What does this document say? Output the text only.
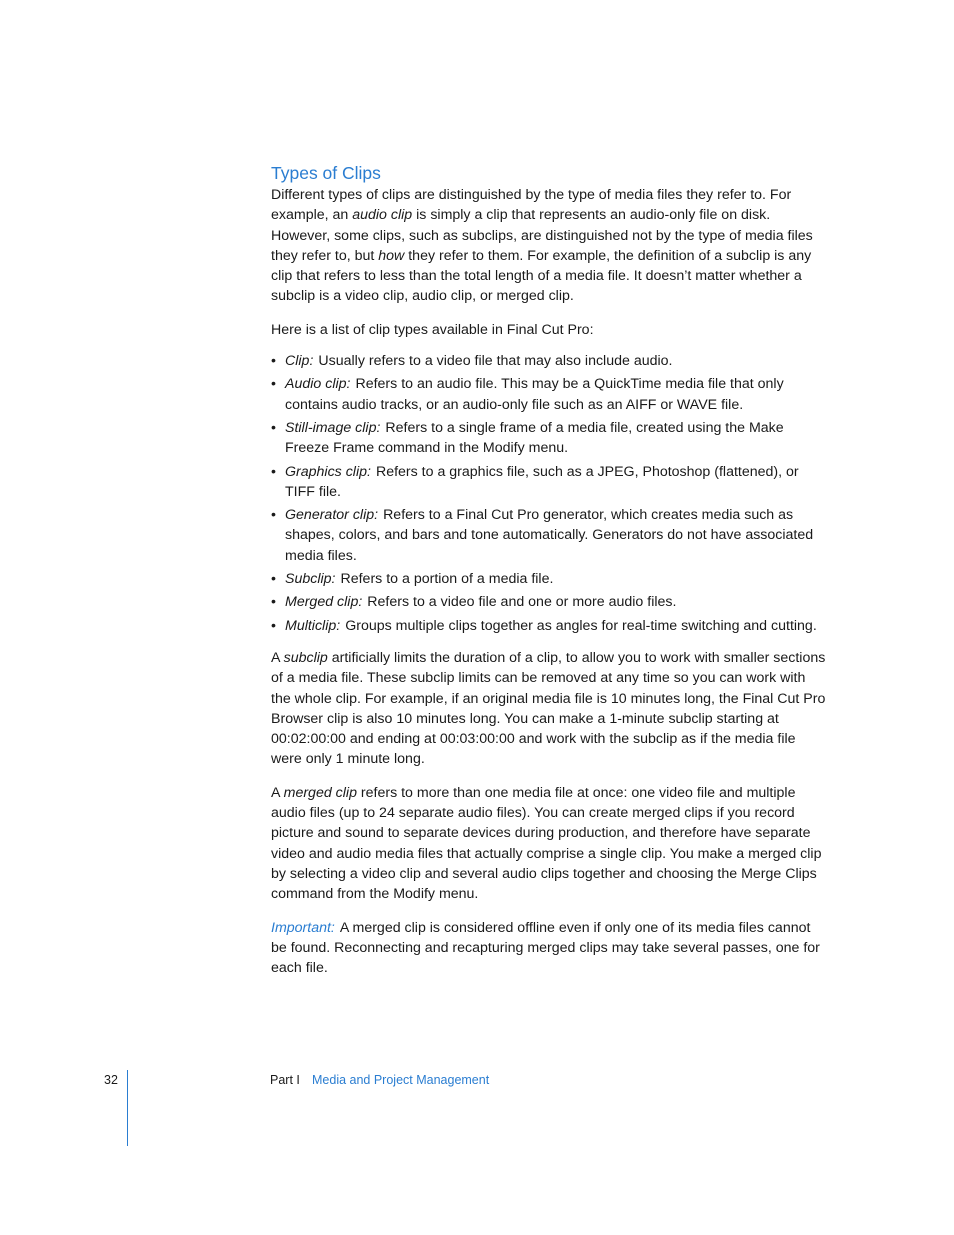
Types of Clips

Different types of clips are distinguished by the type of media files they refer to. For example, an audio clip is simply a clip that represents an audio-only file on disk. However, some clips, such as subclips, are distinguished not by the type of media files they refer to, but how they refer to them. For example, the definition of a subclip is any clip that refers to less than the total length of a media file. It doesn’t matter whether a subclip is a video clip, audio clip, or merged clip.

Here is a list of clip types available in Final Cut Pro:

• Clip: Usually refers to a video file that may also include audio.
• Audio clip: Refers to an audio file. This may be a QuickTime media file that only contains audio tracks, or an audio-only file such as an AIFF or WAVE file.
• Still-image clip: Refers to a single frame of a media file, created using the Make Freeze Frame command in the Modify menu.
• Graphics clip: Refers to a graphics file, such as a JPEG, Photoshop (flattened), or TIFF file.
• Generator clip: Refers to a Final Cut Pro generator, which creates media such as shapes, colors, and bars and tone automatically. Generators do not have associated media files.
• Subclip: Refers to a portion of a media file.
• Merged clip: Refers to a video file and one or more audio files.
• Multiclip: Groups multiple clips together as angles for real-time switching and cutting.

A subclip artificially limits the duration of a clip, to allow you to work with smaller sections of a media file. These subclip limits can be removed at any time so you can work with the whole clip. For example, if an original media file is 10 minutes long, the Final Cut Pro Browser clip is also 10 minutes long. You can make a 1-minute subclip starting at 00:02:00:00 and ending at 00:03:00:00 and work with the subclip as if the media file were only 1 minute long.

A merged clip refers to more than one media file at once: one video file and multiple audio files (up to 24 separate audio files). You can create merged clips if you record picture and sound to separate devices during production, and therefore have separate video and audio media files that actually comprise a single clip. You make a merged clip by selecting a video clip and several audio clips together and choosing the Merge Clips command from the Modify menu.

Important: A merged clip is considered offline even if only one of its media files cannot be found. Reconnecting and recapturing merged clips may take several passes, one for each file.

32	Part I Media and Project Management
